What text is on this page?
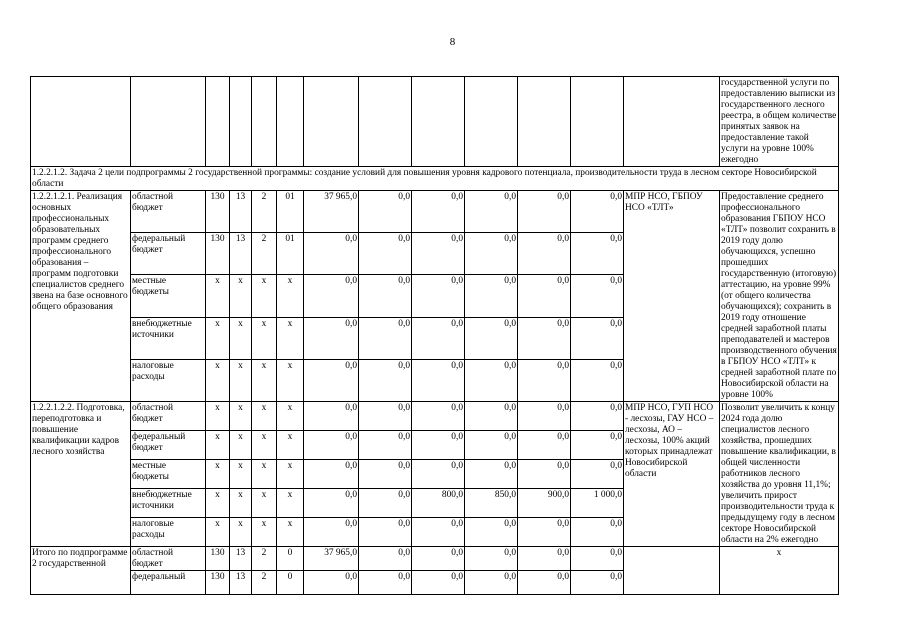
8
													государственной услуги по предоставлению выписки из государственного лесного реестра, в общем количестве принятых заявок на предоставление такой услуги на уровне 100% ежегодно
1.2.2.1.2. Задача 2 цели подпрограммы 2 государственной программы: создание условий для повышения уровня кадрового потенциала, производительности труда в лесном секторе Новосибирской области													
1.2.2.1.2.1. Реализация основных профессиональных образовательных программ среднего профессионального образования – программ подготовки специалистов среднего звена на базе основного общего образования	областной бюджет	130	13	2	01	37 965,0	0,0	0,0	0,0	0,0	0,0	МПР НСО, ГБПОУ НСО «ТЛТ»	Предоставление среднего профессионального образования ГБПОУ НСО «ТЛТ» позволит сохранить в 2019 году долю обучающихся, успешно прошедших государственную (итоговую) аттестацию, на уровне 99% (от общего количества обучающихся); сохранить в 2019 году отношение средней заработной платы преподавателей и мастеров производственного обучения в ГБПОУ НСО «ТЛТ» к средней заработной плате по Новосибирской области на уровне 100%
	федеральный бюджет	130	13	2	01	0,0	0,0	0,0	0,0	0,0	0,0		
	местные бюджеты	x	x	x	x	0,0	0,0	0,0	0,0	0,0	0,0		
	внебюджетные источники	x	x	x	x	0,0	0,0	0,0	0,0	0,0	0,0		
	налоговые расходы	x	x	x	x	0,0	0,0	0,0	0,0	0,0	0,0		
1.2.2.1.2.2. Подготовка, переподготовка и повышение квалификации кадров лесного хозяйства	областной бюджет	x	x	x	x	0,0	0,0	0,0	0,0	0,0	0,0	МПР НСО, ГУП НСО - лесхозы, ГАУ НСО – лесхозы, АО – лесхозы, 100% акций которых принадлежат Новосибирской области	Позволит увеличить к концу 2024 года долю специалистов лесного хозяйства, прошедших повышение квалификации, в общей численности работников лесного хозяйства до уровня 11,1%; увеличить прирост производительности труда к предыдущему году в лесном секторе Новосибирской области на 2% ежегодно
	федеральный бюджет	x	x	x	x	0,0	0,0	0,0	0,0	0,0	0,0		
	местные бюджеты	x	x	x	x	0,0	0,0	0,0	0,0	0,0	0,0		
	внебюджетные источники	x	x	x	x	0,0	0,0	800,0	850,0	900,0	1 000,0		
	налоговые расходы	x	x	x	x	0,0	0,0	0,0	0,0	0,0	0,0		
Итого по подпрограмме 2 государственной	областной бюджет	130	13	2	0	37 965,0	0,0	0,0	0,0	0,0	0,0		x
	федеральный	130	13	2	0	0,0	0,0	0,0	0,0	0,0	0,0		
